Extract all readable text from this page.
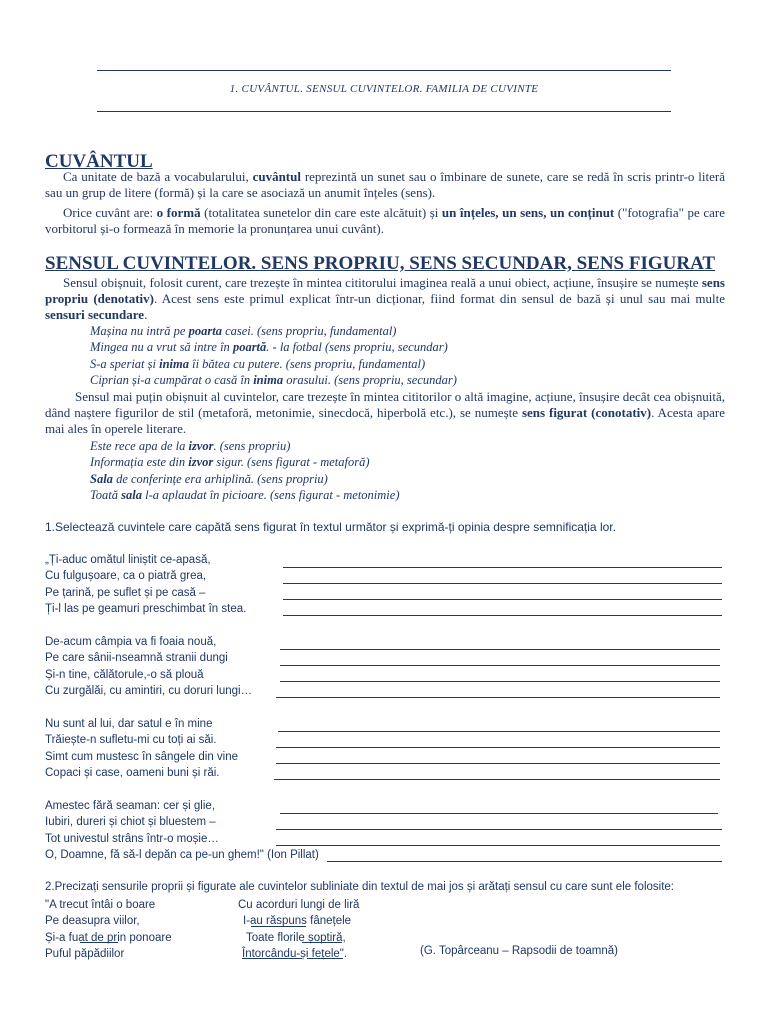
1. CUVÂNTUL. SENSUL CUVINTELOR. FAMILIA DE CUVINTE
CUVÂNTUL
Ca unitate de bază a vocabularului, cuvântul reprezintă un sunet sau o îmbinare de sunete, care se redă în scris printr-o literă sau un grup de litere (formă) și la care se asociază un anumit înțeles (sens).
Orice cuvânt are: o formă (totalitatea sunetelor din care este alcătuit) și un înțeles, un sens, un conținut ("fotografia" pe care vorbitorul și-o formează în memorie la pronunțarea unui cuvânt).
SENSUL CUVINTELOR. SENS PROPRIU, SENS SECUNDAR, SENS FIGURAT
Sensul obișnuit, folosit curent, care trezește în mintea cititorului imaginea reală a unui obiect, acțiune, însușire se numește sens propriu (denotativ). Acest sens este primul explicat într-un dicționar, fiind format din sensul de bază și unul sau mai multe sensuri secundare.
Mașina nu intră pe poarta casei. (sens propriu, fundamental)
Mingea nu a vrut să intre în poartă. - la fotbal (sens propriu, secundar)
S-a speriat și inima îi bătea cu putere. (sens propriu, fundamental)
Ciprian și-a cumpărat o casă în inima orasului. (sens propriu, secundar)
Sensul mai puțin obișnuit al cuvintelor, care trezește în mintea cititorilor o altă imagine, acțiune, însușire decât cea obișnuită, dând naștere figurilor de stil (metaforă, metonimie, sinecdocă, hiperbolă etc.), se numește sens figurat (conotativ). Acesta apare mai ales în operele literare.
Este rece apa de la izvor. (sens propriu)
Informația este din izvor sigur. (sens figurat - metaforă)
Sala de conferințe era arhiplină. (sens propriu)
Toată sala l-a aplaudat în picioare. (sens figurat - metonimie)
1.Selectează cuvintele care capătă sens figurat în textul următor și exprimă-ți opinia despre semnificația lor.
„Ți-aduc omătul liniștit ce-apasă,
Cu fulgușoare, ca o piatră grea,
Pe țarină, pe suflet și pe casă –
Ți-l las pe geamuri preschimbat în stea.
De-acum câmpia va fi foaia nouă,
Pe care sânii-nseamnă stranii dungi
Și-n tine, călătorule,-o să plouă
Cu zurgălăi, cu amintiri, cu doruri lungi…
Nu sunt al lui, dar satul e în mine
Trăiește-n sufletu-mi cu toți ai săi.
Simt cum mustesc în sângele din vine
Copaci și case, oameni buni și răi.
Amestec fără seaman: cer și glie,
Iubiri, dureri și chiot și bluestem –
Tot univestul strâns într-o moșie…
O, Doamne, fă să-l depăn ca pe-un ghem!" (Ion Pillat)
2.Precizați sensurile proprii și figurate ale cuvintelor subliniate din textul de mai jos și arătați sensul cu care sunt ele folosite:
"A trecut întâi o boare
Pe deasupra viilor,
Și-a fuat de prin ponoare
Puful păpădiilor
Cu acorduri lungi de liră
I-au răspuns fânețele
Toate florile șoptiră,
Întorcându-și fețele".	(G. Topârceanu – Rapsodii de toamnă)
